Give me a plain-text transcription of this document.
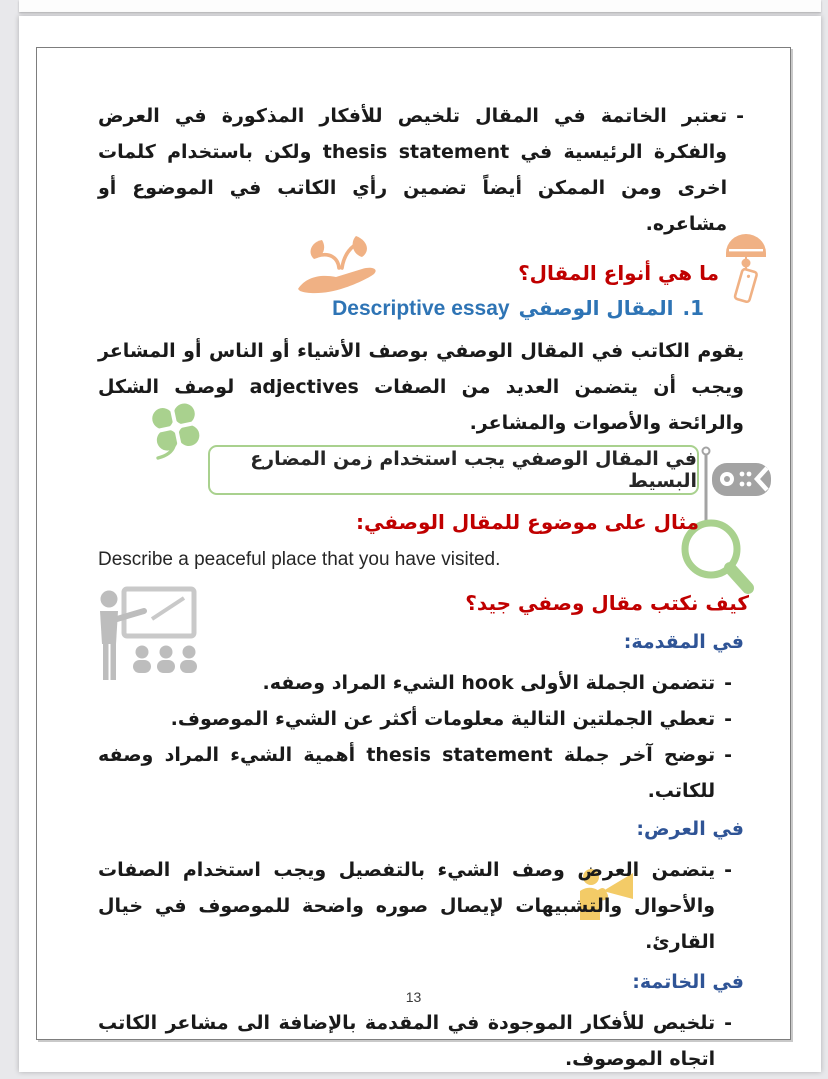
-
تعتبر الخاتمة في المقال تلخيص للأفكار المذكورة في العرض والفكرة الرئيسية في thesis statement ولكن باستخدام كلمات اخرى ومن الممكن أيضاً تضمين رأي الكاتب في الموضوع أو مشاعره.
ما هي أنواع المقال؟
1.
المقال الوصفي
Descriptive essay
يقوم الكاتب في المقال الوصفي بوصف الأشياء أو الناس أو المشاعر ويجب أن يتضمن العديد من الصفات adjectives لوصف الشكل والرائحة والأصوات والمشاعر.
في المقال الوصفي يجب استخدام زمن المضارع البسيط
مثال على موضوع للمقال الوصفي:
Describe a peaceful place that you have visited.
كيف نكتب مقال وصفي جيد؟
في المقدمة:
-
تتضمن الجملة الأولى hook الشيء المراد وصفه.
-
تعطي الجملتين التالية معلومات أكثر عن الشيء الموصوف.
-
توضح آخر جملة thesis statement أهمية الشيء المراد وصفه للكاتب.
في العرض:
-
يتضمن العرض وصف الشيء بالتفصيل ويجب استخدام الصفات والأحوال والتشبيهات لإيصال صوره واضحة للموصوف في خيال القارئ.
في الخاتمة:
-
تلخيص للأفكار الموجودة في المقدمة بالإضافة الى مشاعر الكاتب اتجاه الموصوف.
13
